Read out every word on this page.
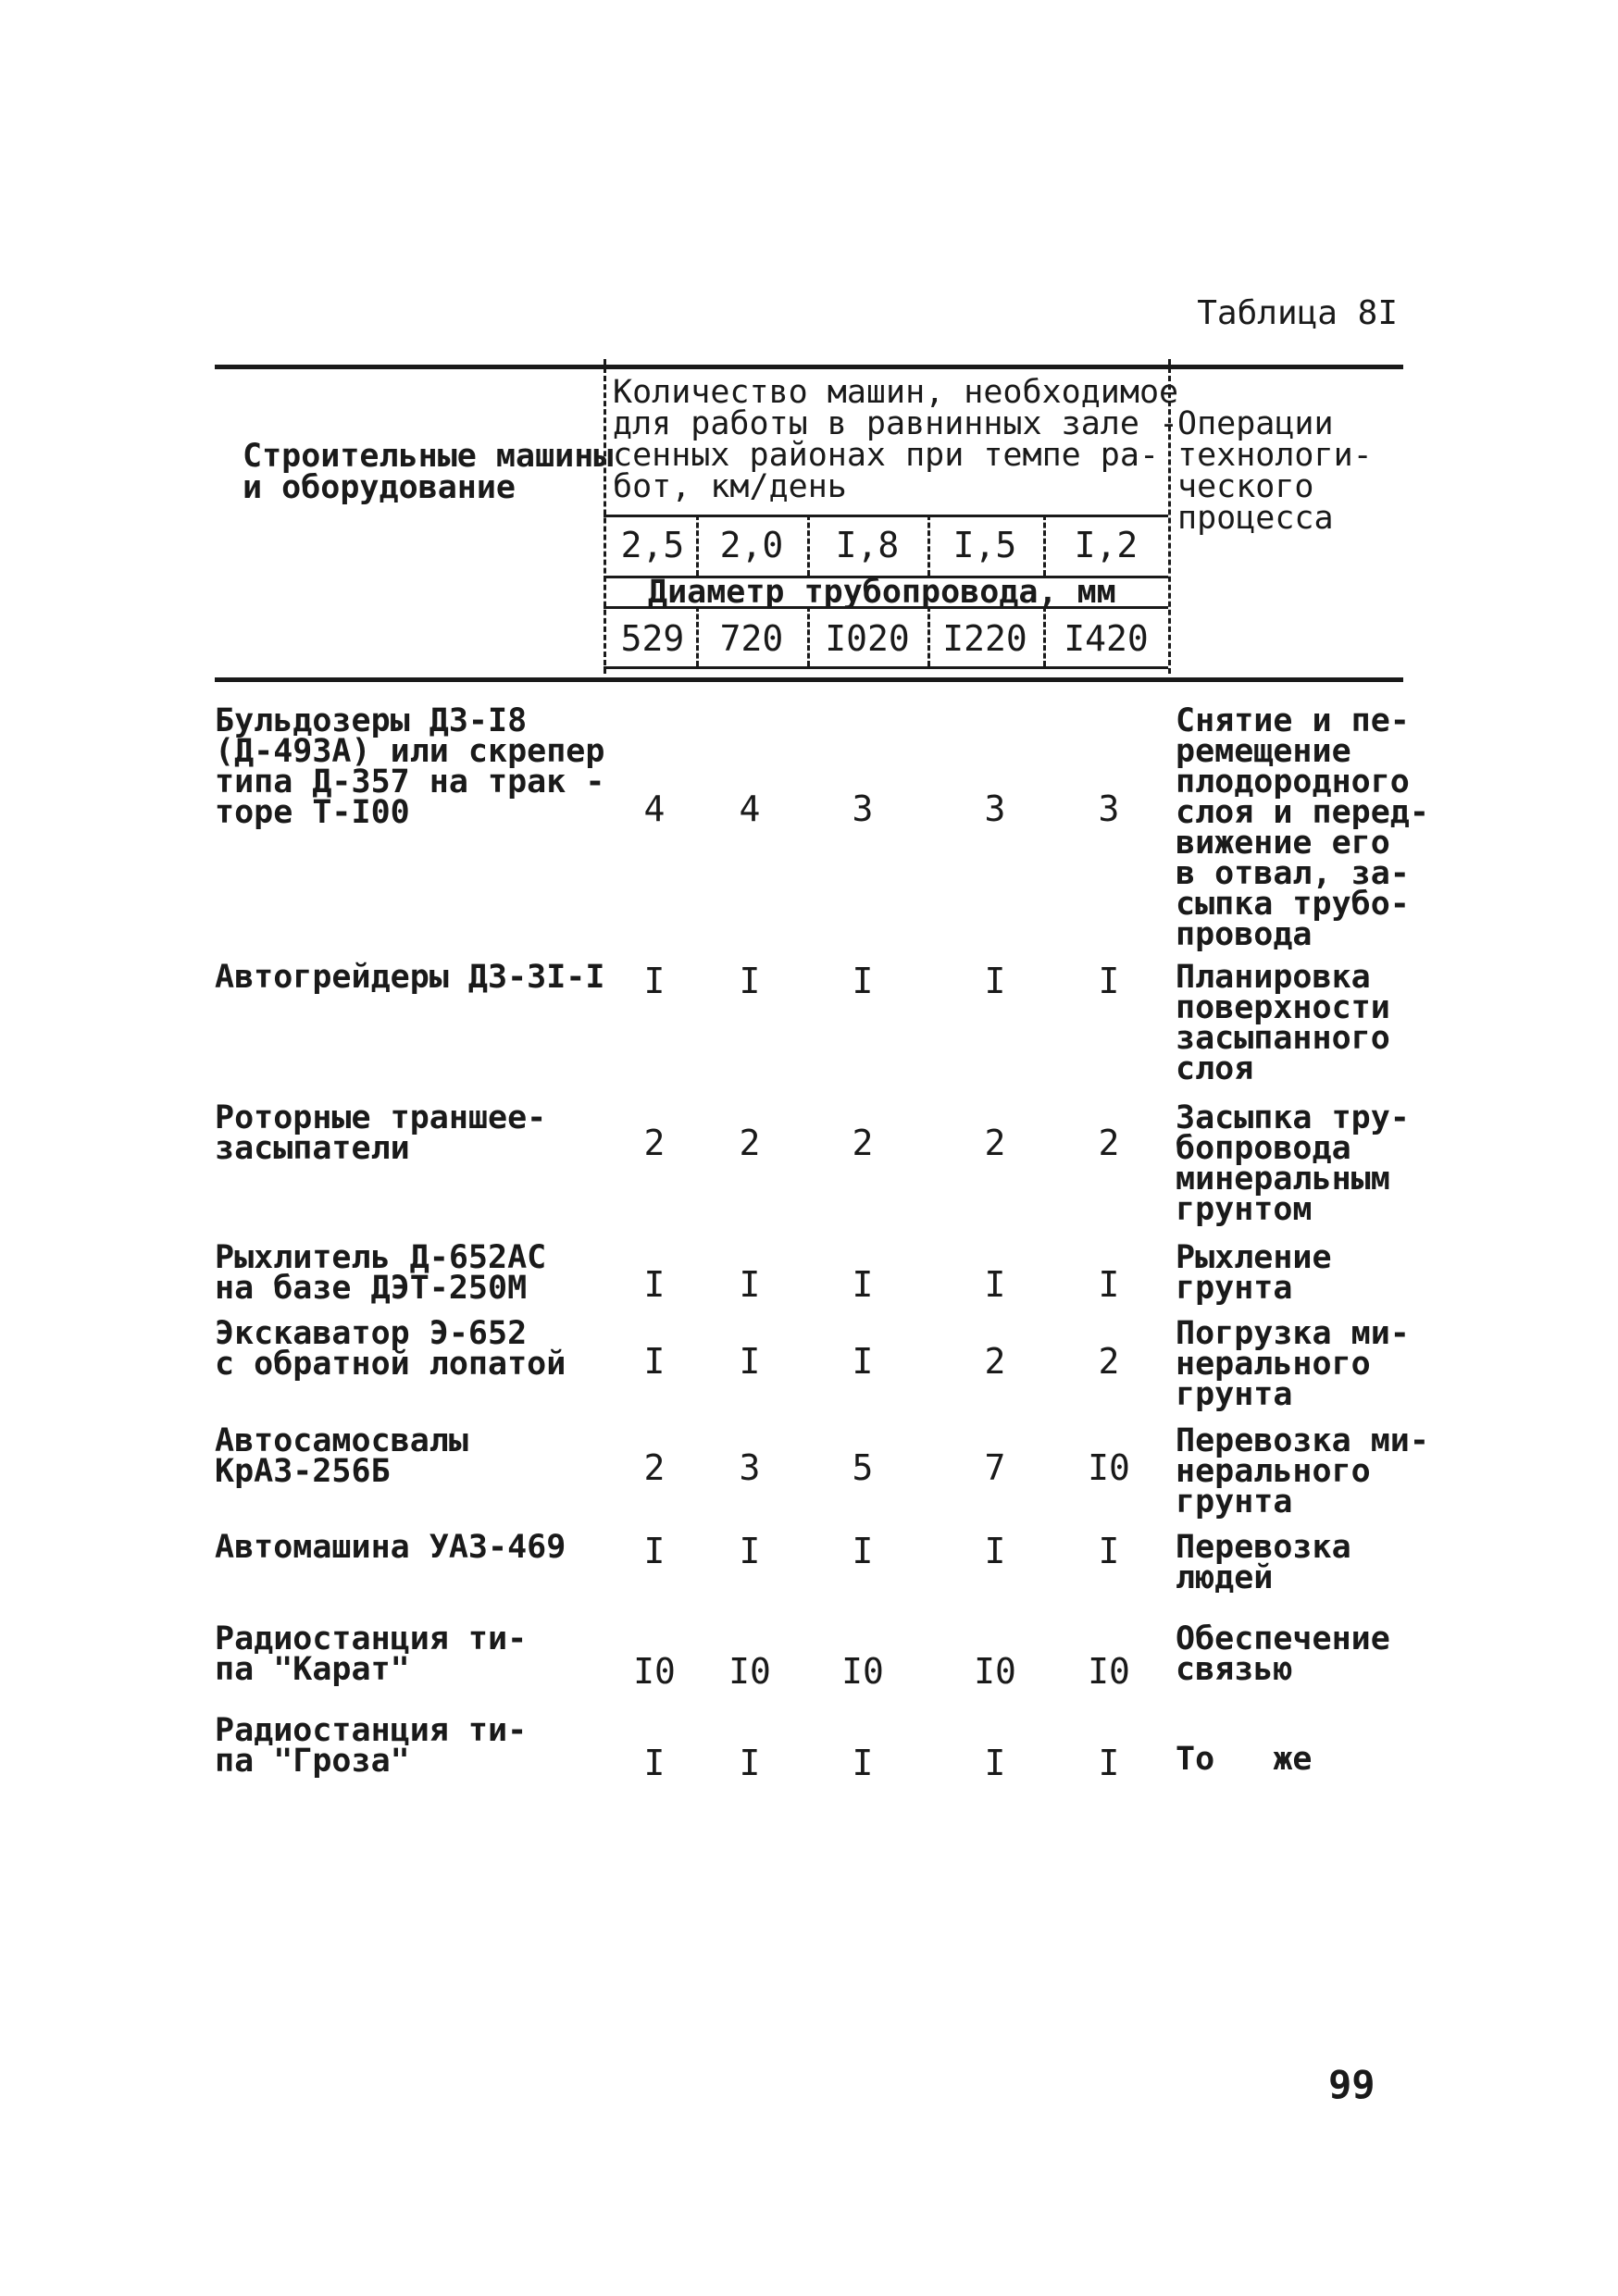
Таблица 8I
Строительные машины
и оборудование
Количество машин, необходимое
для работы в равнинных зале -
сенных районах при темпе ра-
бот, км/день
Операции
технологи-
ческого
процесса
2,5	2,0	I,8	I,5	I,2
Диаметр трубопровода, мм
529	720	I020 I220 I420
Бульдозеры ДЗ-I8
(Д-493А) или скрепер
типа Д-357 на трак -
торе Т-I00	4	4	3	3	3
Снятие и пе-
ремещение
плодородного
слоя и перед-
вижение его
в отвал, за-
сыпка трубо-
провода
Автогрейдеры ДЗ-3I-I	I	I	I	I	I	Планировка
поверхности
засыпанного
слоя
Роторные траншее-
засыпатели	2	2	2	2	2
Засыпка тру-
бопровода
минеральным
грунтом
Рыхлитель Д-652АС
на базе ДЭТ-250М	I	I	I	I	I
Рыхление
грунта
Экскаватор Э-652
с обратной лопатой	I	I	I	2	2
Погрузка ми-
нерального
грунта
Автосамосвалы
КрАЗ-256Б	2	3	5	7	I0
Перевозка ми-
нерального
грунта
Автомашина УАЗ-469	I	I	I	I	I	Перевозка
людей
Радиостанция ти-
па "Карат"	I0	I0	I0	I0	I0
Обеспечение
связью
Радиостанция ти-
па "Гроза"	I	I	I	I	I	То   же
99
